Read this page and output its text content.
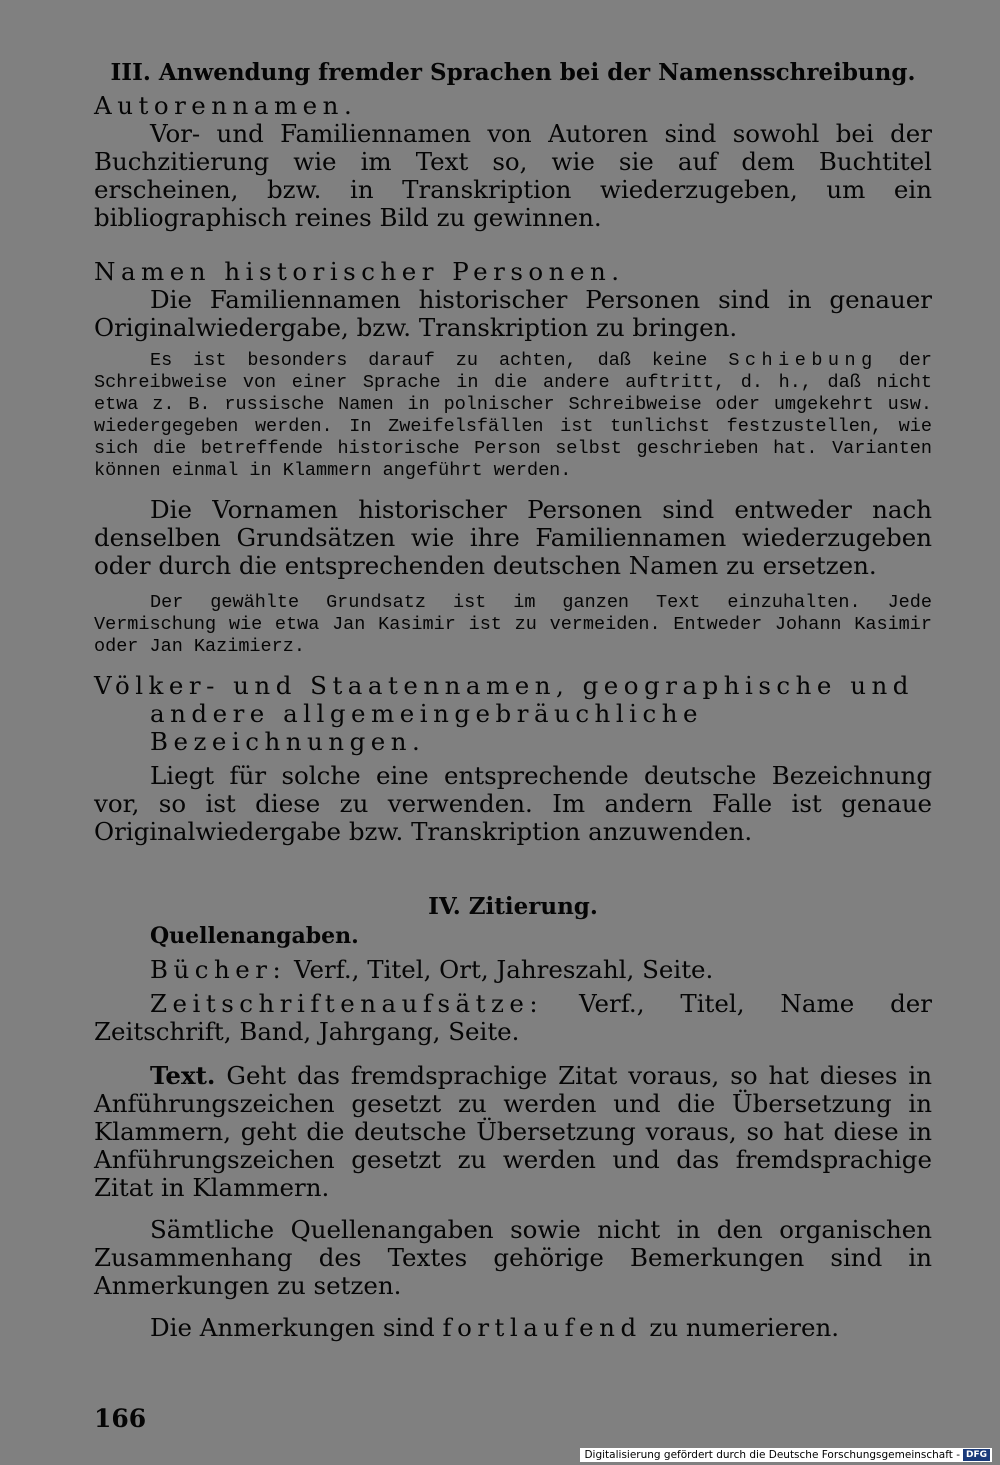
III. Anwendung fremder Sprachen bei der Namensschreibung.

Autorennamen.

Vor- und Familiennamen von Autoren sind sowohl bei der Buchzitierung wie im Text so, wie sie auf dem Buchtitel erscheinen, bzw. in Transkription wiederzugeben, um ein bibliographisch reines Bild zu gewinnen.

Namen historischer Personen.

Die Familiennamen historischer Personen sind in genauer Originalwiedergabe, bzw. Transkription zu bringen.

Es ist besonders darauf zu achten, daß keine Schiebung der Schreibweise von einer Sprache in die andere auftritt, d. h., daß nicht etwa z. B. russische Namen in polnischer Schreibweise oder umgekehrt usw. wiedergegeben werden. In Zweifelsfällen ist tunlichst festzustellen, wie sich die betreffende historische Person selbst geschrieben hat. Varianten können einmal in Klammern angeführt werden.

Die Vornamen historischer Personen sind entweder nach denselben Grundsätzen wie ihre Familiennamen wiederzugeben oder durch die entsprechenden deutschen Namen zu ersetzen.

Der gewählte Grundsatz ist im ganzen Text einzuhalten. Jede Vermischung wie etwa Jan Kasimir ist zu vermeiden. Entweder Johann Kasimir oder Jan Kazimierz.

Völker- und Staatennamen, geographische und andere allgemeingebräuchliche Bezeichnungen.

Liegt für solche eine entsprechende deutsche Bezeichnung vor, so ist diese zu verwenden. Im andern Falle ist genaue Originalwiedergabe bzw. Transkription anzuwenden.

IV. Zitierung.

Quellenangaben.

Bücher: Verf., Titel, Ort, Jahreszahl, Seite.

Zeitschriftenaufsätze: Verf., Titel, Name der Zeitschrift, Band, Jahrgang, Seite.

Text. Geht das fremdsprachige Zitat voraus, so hat dieses in Anführungszeichen gesetzt zu werden und die Übersetzung in Klammern, geht die deutsche Übersetzung voraus, so hat diese in Anführungszeichen gesetzt zu werden und das fremdsprachige Zitat in Klammern.

Sämtliche Quellenangaben sowie nicht in den organischen Zusammenhang des Textes gehörige Bemerkungen sind in Anmerkungen zu setzen.

Die Anmerkungen sind fortlaufend zu numerieren.

166
Digitalisierung gefördert durch die Deutsche Forschungsgemeinschaft - DFG
